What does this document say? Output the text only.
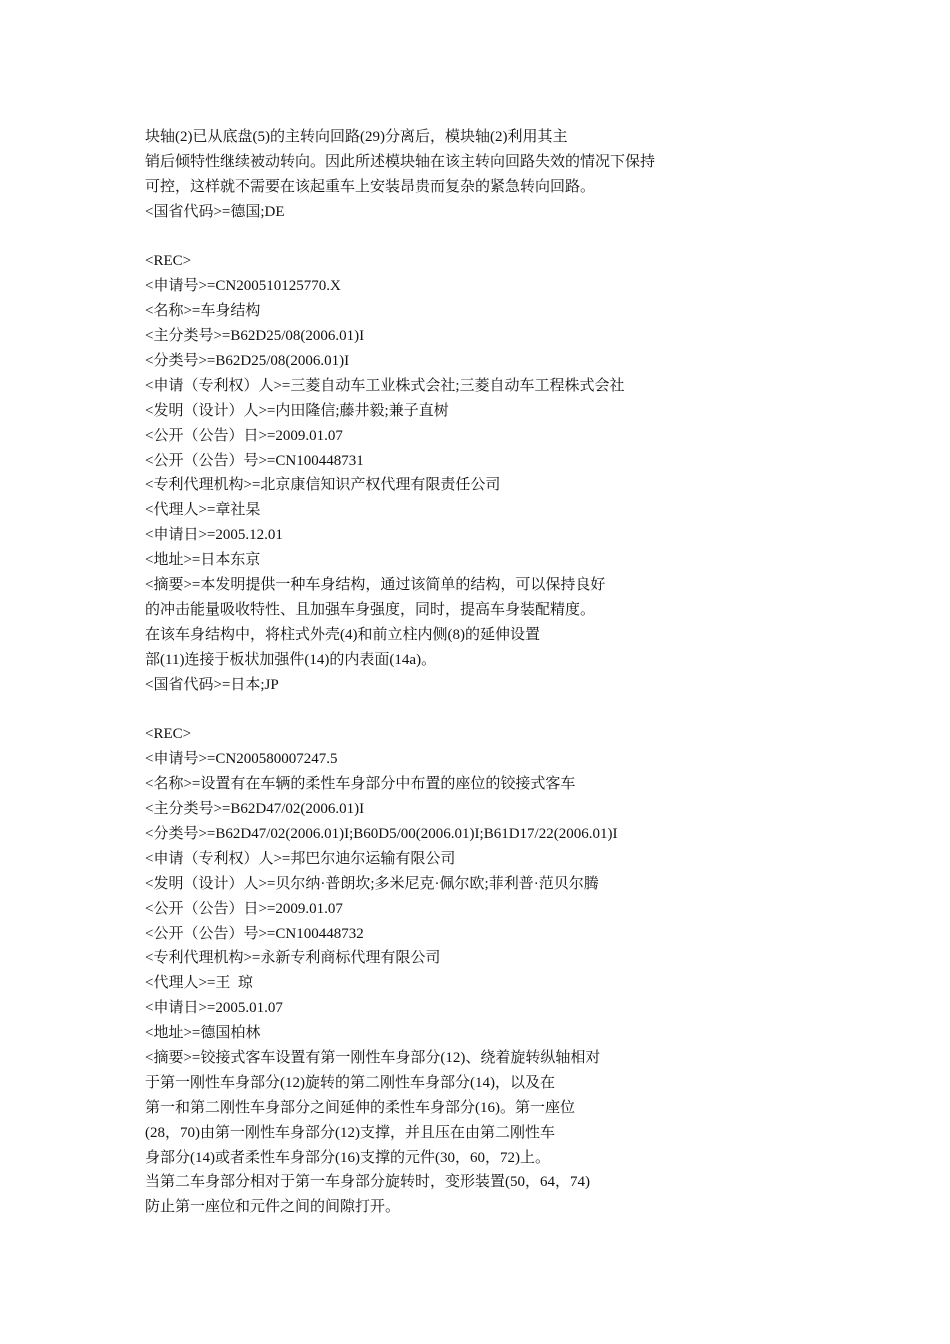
块轴(2)已从底盘(5)的主转向回路(29)分离后，模块轴(2)利用其主
销后倾特性继续被动转向。因此所述模块轴在该主转向回路失效的情况下保持
可控，这样就不需要在该起重车上安装昂贵而复杂的紧急转向回路。
<国省代码>=德国;DE
<REC>
<申请号>=CN200510125770.X
<名称>=车身结构
<主分类号>=B62D25/08(2006.01)I
<分类号>=B62D25/08(2006.01)I
<申请（专利权）人>=三菱自动车工业株式会社;三菱自动车工程株式会社
<发明（设计）人>=内田隆信;藤井毅;兼子直树
<公开（公告）日>=2009.01.07
<公开（公告）号>=CN100448731
<专利代理机构>=北京康信知识产权代理有限责任公司
<代理人>=章社杲
<申请日>=2005.12.01
<地址>=日本东京
<摘要>=本发明提供一种车身结构，通过该简单的结构，可以保持良好
的冲击能量吸收特性、且加强车身强度，同时，提高车身装配精度。
在该车身结构中，将柱式外壳(4)和前立柱内侧(8)的延伸设置
部(11)连接于板状加强件(14)的内表面(14a)。
<国省代码>=日本;JP
<REC>
<申请号>=CN200580007247.5
<名称>=设置有在车辆的柔性车身部分中布置的座位的铰接式客车
<主分类号>=B62D47/02(2006.01)I
<分类号>=B62D47/02(2006.01)I;B60D5/00(2006.01)I;B61D17/22(2006.01)I
<申请（专利权）人>=邦巴尔迪尔运输有限公司
<发明（设计）人>=贝尔纳·普朗坎;多米尼克·佩尔欧;菲利普·范贝尔腾
<公开（公告）日>=2009.01.07
<公开（公告）号>=CN100448732
<专利代理机构>=永新专利商标代理有限公司
<代理人>=王  琼
<申请日>=2005.01.07
<地址>=德国柏林
<摘要>=铰接式客车设置有第一刚性车身部分(12)、绕着旋转纵轴相对
于第一刚性车身部分(12)旋转的第二刚性车身部分(14)，以及在
第一和第二刚性车身部分之间延伸的柔性车身部分(16)。第一座位
(28，70)由第一刚性车身部分(12)支撑，并且压在由第二刚性车
身部分(14)或者柔性车身部分(16)支撑的元件(30，60，72)上。
当第二车身部分相对于第一车身部分旋转时，变形装置(50，64，74)
防止第一座位和元件之间的间隙打开。
